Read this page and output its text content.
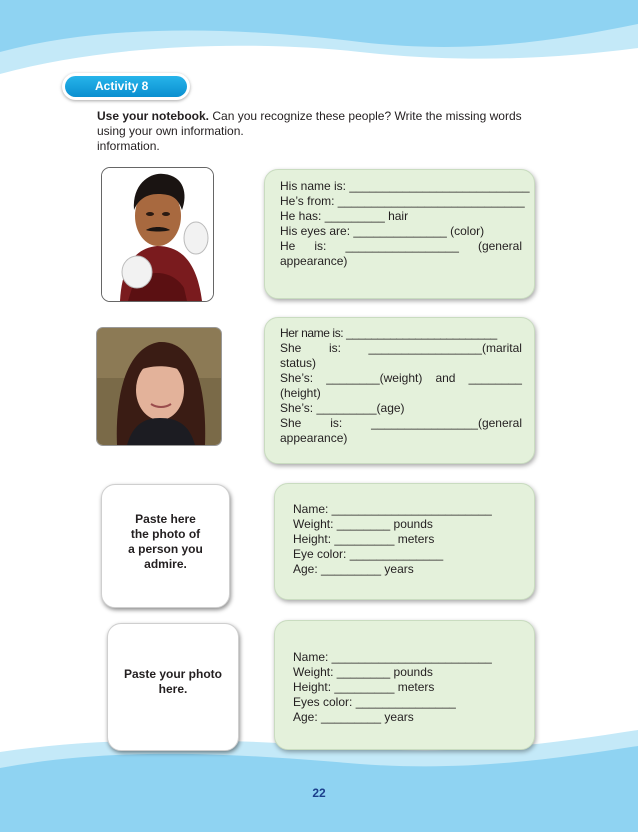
Activity 8
Use your notebook. Can you recognize these people? Write the missing words
using your own information.
information.
His name is: ___________________________
He’s from: ____________________________
He has: _________ hair
His eyes are: ______________ (color)
He is: _________________ (general
appearance)
Her name is: ________________________
She is: _________________(marital
status)
She’s: ________(weight) and ________
(height)
She’s: _________(age)
She is: ________________(general
appearance)
Paste here
the photo of
a person you
admire.
Name: ________________________
Weight: ________ pounds
Height: _________ meters
Eye color: ______________
Age: _________ years
Paste your photo
here.
Name: ________________________
Weight: ________ pounds
Height: _________ meters
Eyes color: _______________
Age: _________ years
22
